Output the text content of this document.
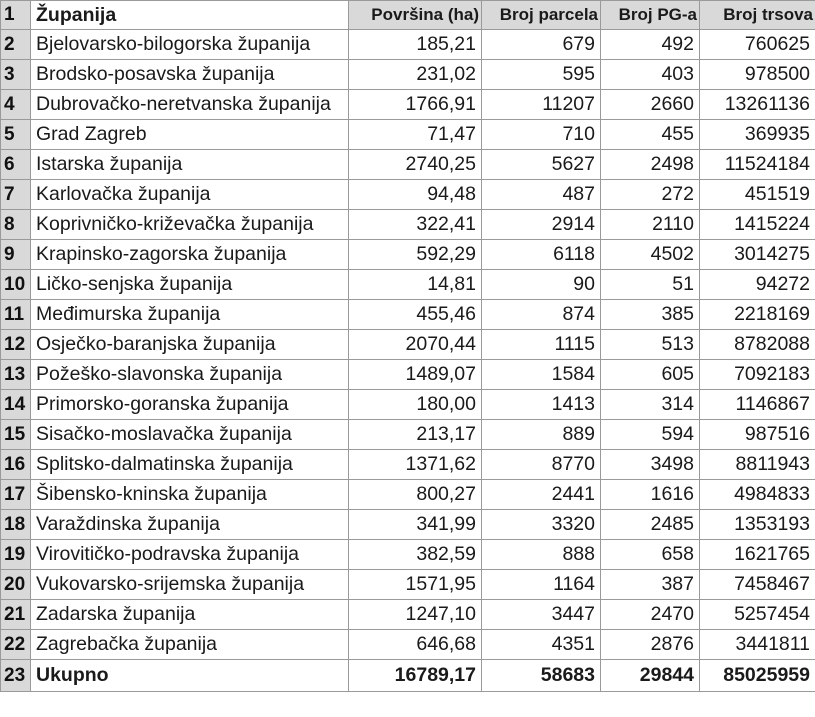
1	Županija	Površina (ha)	Broj parcela	Broj PG-a	Broj trsova
2	Bjelovarsko-bilogorska županija	185,21	679	492	760625
3	Brodsko-posavska županija	231,02	595	403	978500
4	Dubrovačko-neretvanska županija	1766,91	11207	2660	13261136
5	Grad Zagreb	71,47	710	455	369935
6	Istarska županija	2740,25	5627	2498	11524184
7	Karlovačka županija	94,48	487	272	451519
8	Koprivničko-križevačka županija	322,41	2914	2110	1415224
9	Krapinsko-zagorska županija	592,29	6118	4502	3014275
10	Ličko-senjska županija	14,81	90	51	94272
11	Međimurska županija	455,46	874	385	2218169
12	Osječko-baranjska županija	2070,44	1115	513	8782088
13	Požeško-slavonska županija	1489,07	1584	605	7092183
14	Primorsko-goranska županija	180,00	1413	314	1146867
15	Sisačko-moslavačka županija	213,17	889	594	987516
16	Splitsko-dalmatinska županija	1371,62	8770	3498	8811943
17	Šibensko-kninska županija	800,27	2441	1616	4984833
18	Varaždinska županija	341,99	3320	2485	1353193
19	Virovitičko-podravska županija	382,59	888	658	1621765
20	Vukovarsko-srijemska županija	1571,95	1164	387	7458467
21	Zadarska županija	1247,10	3447	2470	5257454
22	Zagrebačka županija	646,68	4351	2876	3441811
23	Ukupno	16789,17	58683	29844	85025959
